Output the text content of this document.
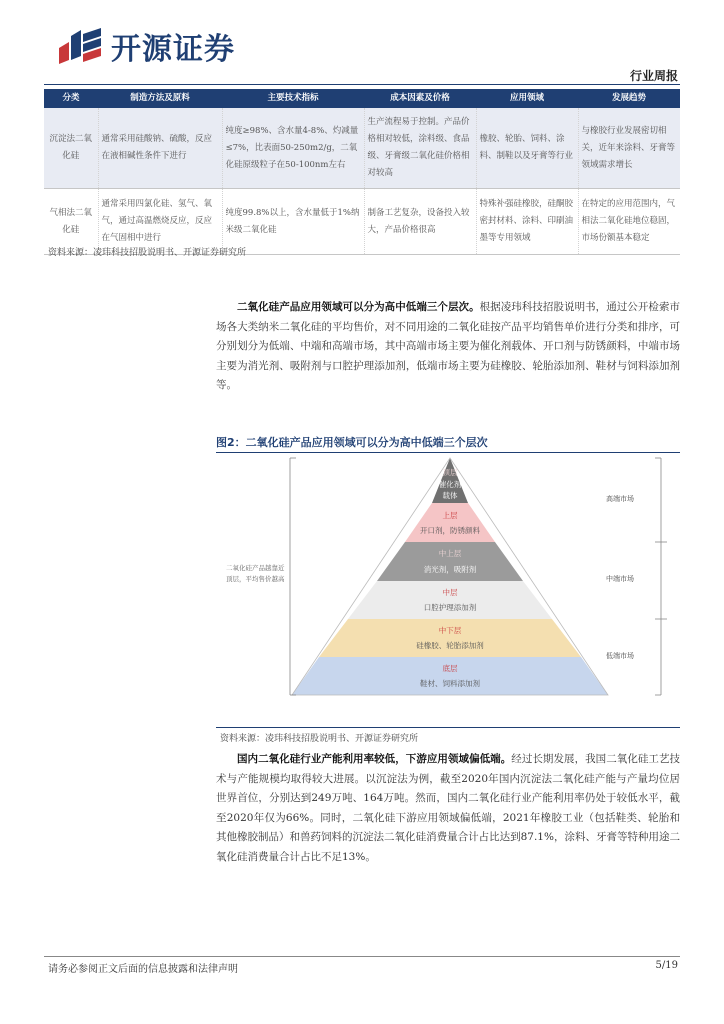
开源证券
行业周报
分类	制造方法及原料	主要技术指标	成本因素及价格	应用领域	发展趋势
沉淀法二氧化硅	通常采用硅酸钠、硫酸，反应在液相碱性条件下进行	纯度≥98%、含水量4-8%、灼减量≤7%，比表面50-250m2/g，二氧化硅原级粒子在50-100nm左右	生产流程易于控制。产品价格相对较低，涂料级、食品级、牙膏级二氧化硅价格相对较高	橡胶、轮胎、饲料、涂料、制鞋以及牙膏等行业	与橡胶行业发展密切相关，近年来涂料、牙膏等领域需求增长
气相法二氧化硅	通常采用四氯化硅、氢气、氧气，通过高温燃烧反应，反应在气固相中进行	纯度99.8%以上，含水量低于1%纳米级二氧化硅	制备工艺复杂，设备投入较大，产品价格很高	特殊补强硅橡胶，硅酮胶密封材料、涂料、印刷油墨等专用领域	在特定的应用范围内，气相法二氧化硅地位稳固，市场份额基本稳定
资料来源：凌玮科技招股说明书、开源证券研究所
二氧化硅产品应用领域可以分为高中低端三个层次。根据凌玮科技招股说明书，通过公开检索市场各大类纳米二氧化硅的平均售价，对不同用途的二氧化硅按产品平均销售单价进行分类和排序，可分别划分为低端、中端和高端市场，其中高端市场主要为催化剂载体、开口剂与防锈颜料，中端市场主要为消光剂、吸附剂与口腔护理添加剂，低端市场主要为硅橡胶、轮胎添加剂、鞋材与饲料添加剂等。
图2：二氧化硅产品应用领域可以分为高中低端三个层次
顶层
催化剂
载体
上层
开口剂，防锈颜料
中上层
消光剂，吸附剂
中层
口腔护理添加剂
中下层
硅橡胶、轮胎添加剂
底层
鞋材、饲料添加剂
二氧化硅产品越靠近
顶层，平均售价越高
高端市场
中端市场
低端市场
资料来源：凌玮科技招股说明书、开源证券研究所
国内二氧化硅行业产能利用率较低，下游应用领域偏低端。经过长期发展，我国二氧化硅工艺技术与产能规模均取得较大进展。以沉淀法为例，截至2020年国内沉淀法二氧化硅产能与产量均位居世界首位，分别达到249万吨、164万吨。然而，国内二氧化硅行业产能利用率仍处于较低水平，截至2020年仅为66%。同时，二氧化硅下游应用领域偏低端，2021年橡胶工业（包括鞋类、轮胎和其他橡胶制品）和兽药饲料的沉淀法二氧化硅消费量合计占比达到87.1%，涂料、牙膏等特种用途二氧化硅消费量合计占比不足13%。
请务必参阅正文后面的信息披露和法律声明	5/19
